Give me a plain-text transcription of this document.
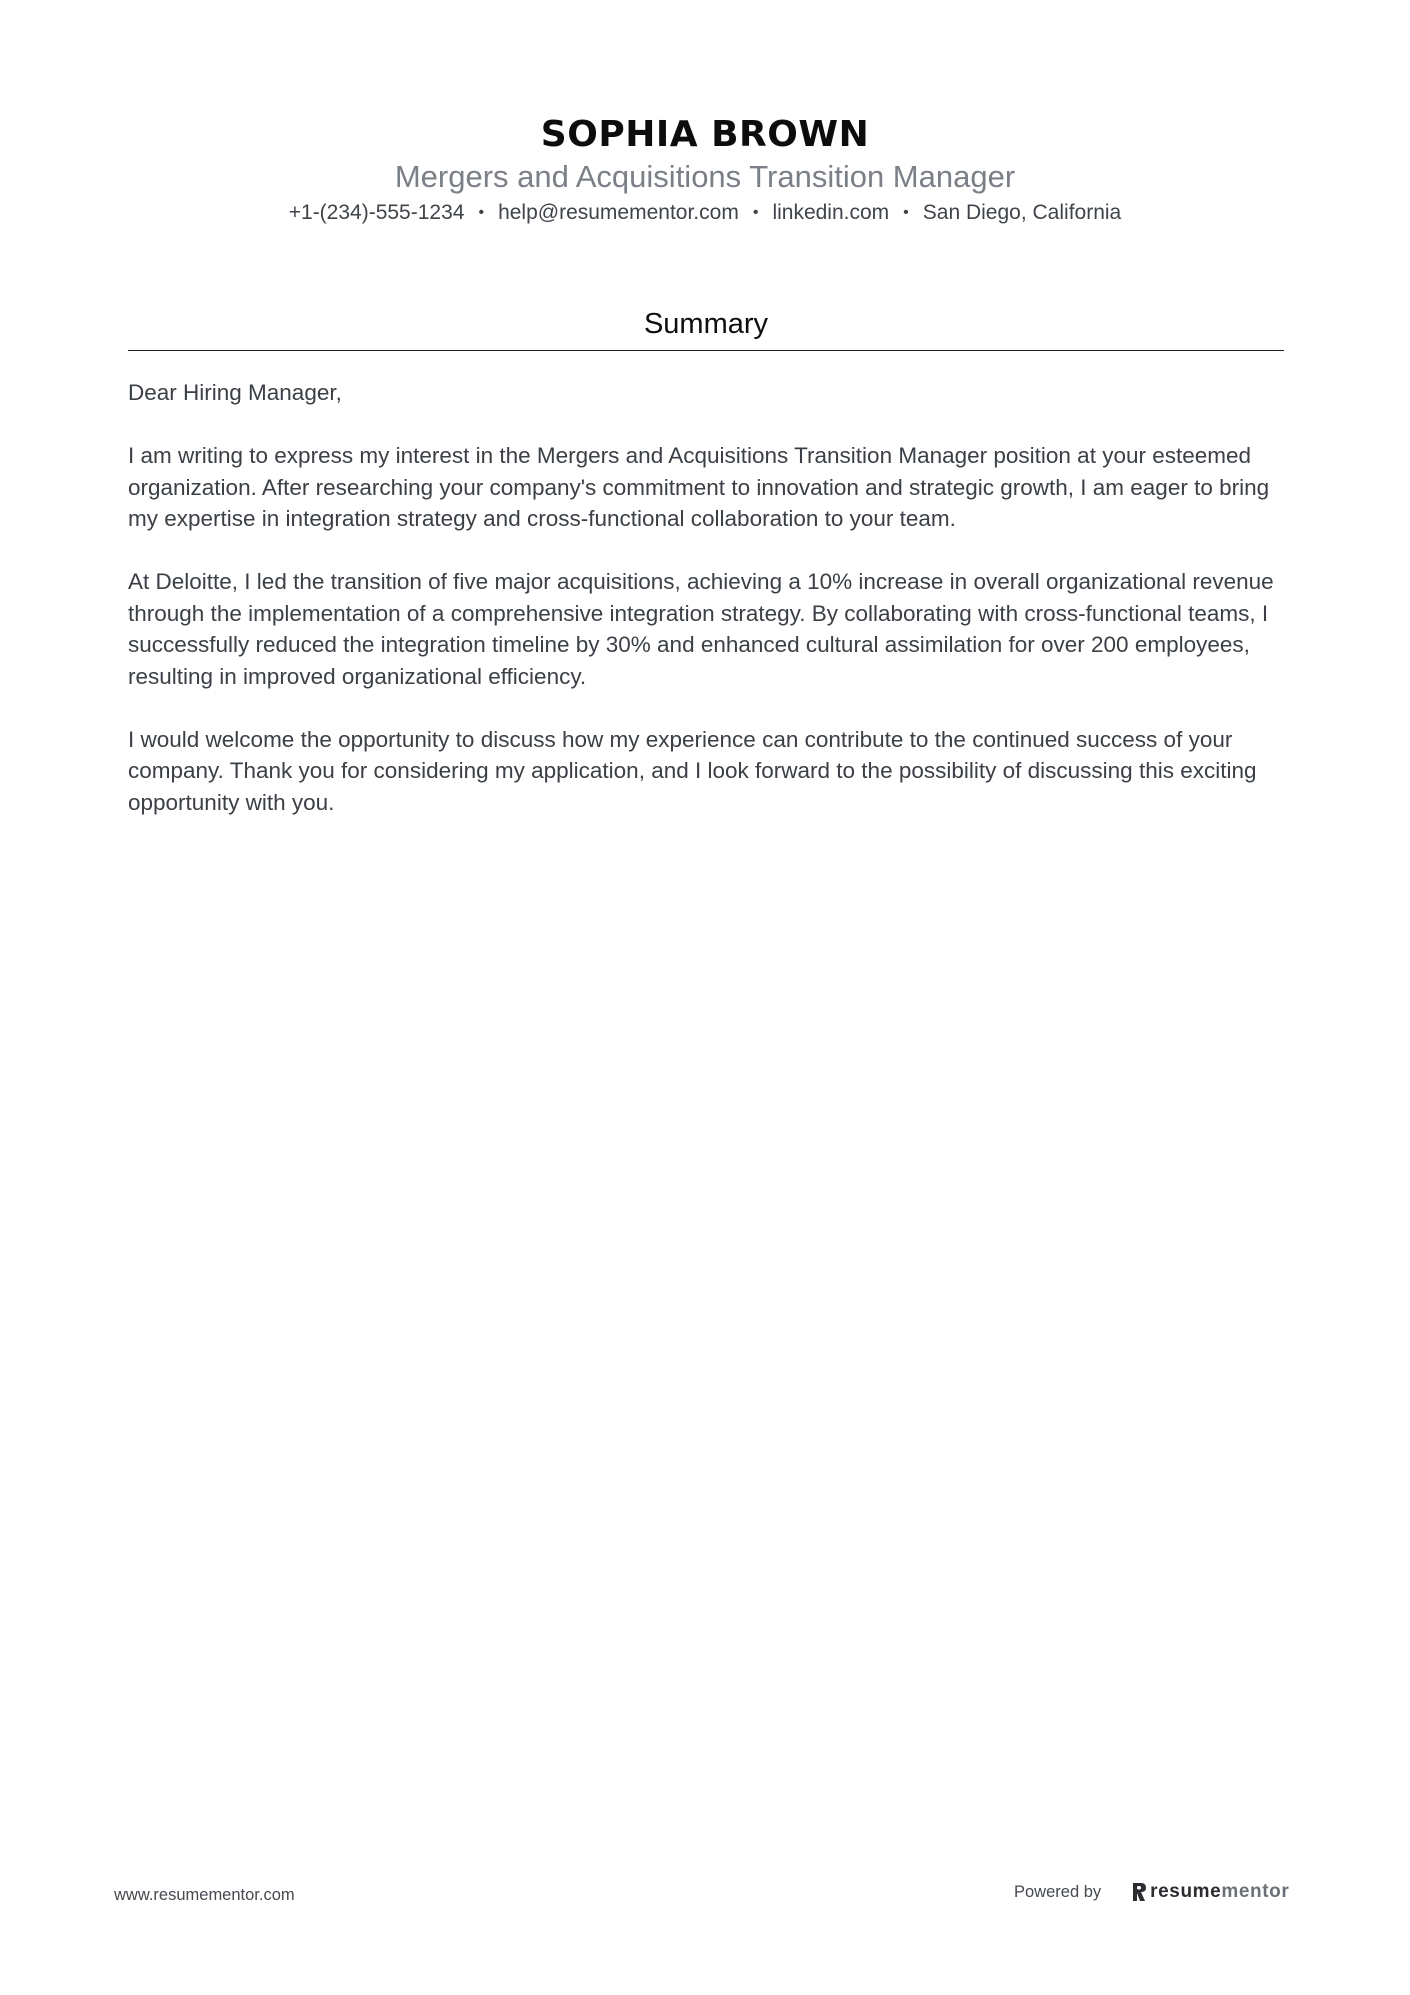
SOPHIA BROWN
Mergers and Acquisitions Transition Manager
+1-(234)-555-1234 • help@resumementor.com • linkedin.com • San Diego, California
Summary

Dear Hiring Manager,

I am writing to express my interest in the Mergers and Acquisitions Transition Manager position at your esteemed organization. After researching your company's commitment to innovation and strategic growth, I am eager to bring my expertise in integration strategy and cross-functional collaboration to your team.

At Deloitte, I led the transition of five major acquisitions, achieving a 10% increase in overall organizational revenue through the implementation of a comprehensive integration strategy. By collaborating with cross-functional teams, I successfully reduced the integration timeline by 30% and enhanced cultural assimilation for over 200 employees, resulting in improved organizational efficiency.

I would welcome the opportunity to discuss how my experience can contribute to the continued success of your company. Thank you for considering my application, and I look forward to the possibility of discussing this exciting opportunity with you.

www.resumementor.com	Powered by	resumementor
